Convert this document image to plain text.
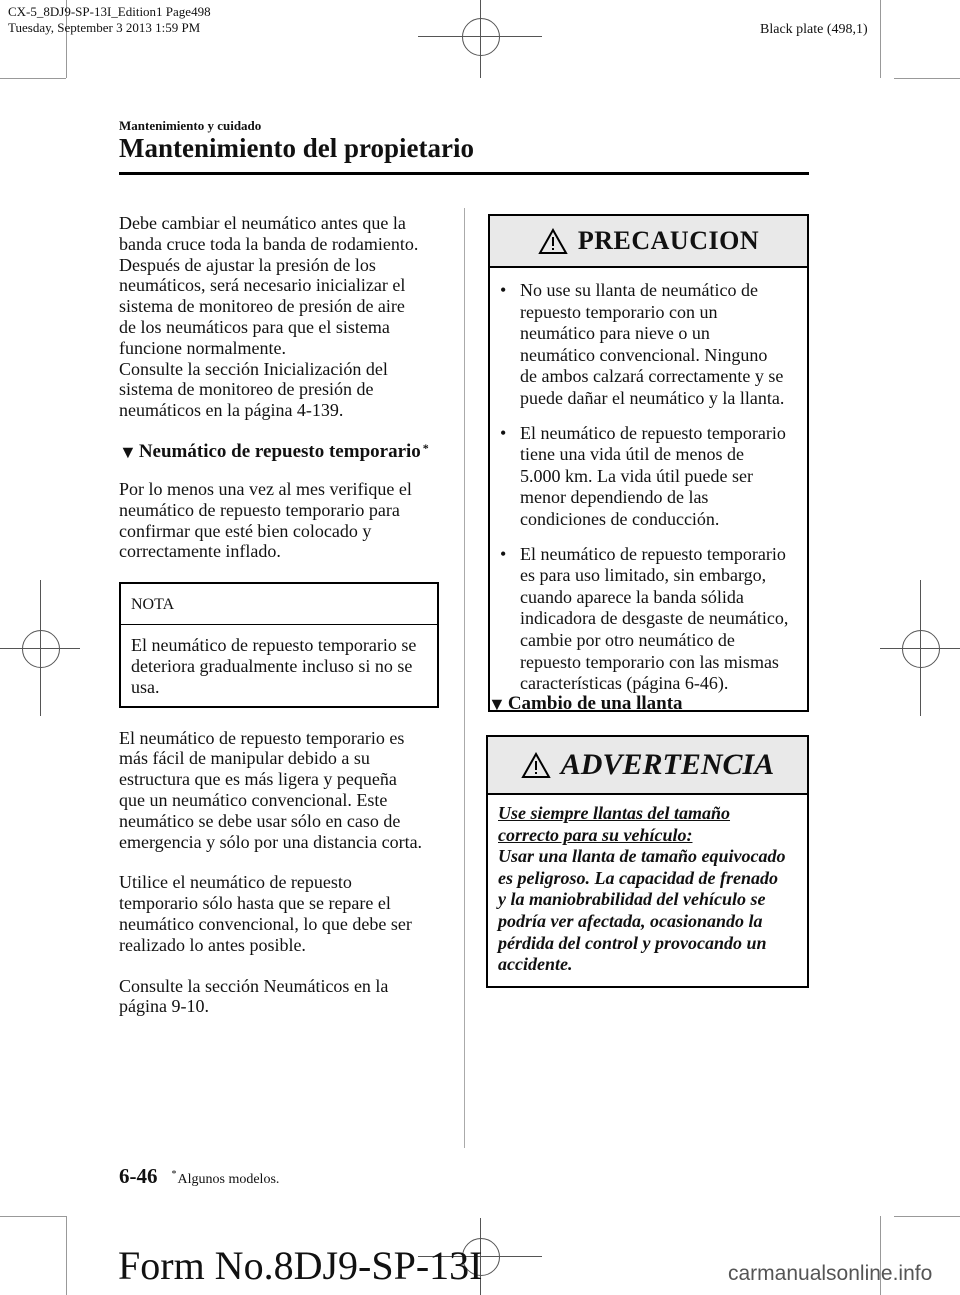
CX-5_8DJ9-SP-13I_Edition1 Page498
Tuesday, September 3 2013 1:59 PM	Black plate (498,1)
Mantenimiento y cuidado
Mantenimiento del propietario

Debe cambiar el neumático antes que la
banda cruce toda la banda de rodamiento.
Después de ajustar la presión de los
neumáticos, será necesario inicializar el
sistema de monitoreo de presión de aire
de los neumáticos para que el sistema
funcione normalmente.
Consulte la sección Inicialización del
sistema de monitoreo de presión de
neumáticos en la página 4-139.

▼ Neumático de repuesto temporario *

Por lo menos una vez al mes verifique el
neumático de repuesto temporario para
confirmar que esté bien colocado y
correctamente inflado.

NOTA
El neumático de repuesto temporario se
deteriora gradualmente incluso si no se
usa.

El neumático de repuesto temporario es
más fácil de manipular debido a su
estructura que es más ligera y pequeña
que un neumático convencional. Este
neumático se debe usar sólo en caso de
emergencia y sólo por una distancia corta.

Utilice el neumático de repuesto
temporario sólo hasta que se repare el
neumático convencional, lo que debe ser
realizado lo antes posible.

Consulte la sección Neumáticos en la
página 9-10.

PRECAUCION
• No use su llanta de neumático de
repuesto temporario con un
neumático para nieve o un
neumático convencional. Ninguno
de ambos calzará correctamente y se
puede dañar el neumático y la llanta.
• El neumático de repuesto temporario
tiene una vida útil de menos de
5.000 km. La vida útil puede ser
menor dependiendo de las
condiciones de conducción.
• El neumático de repuesto temporario
es para uso limitado, sin embargo,
cuando aparece la banda sólida
indicadora de desgaste de neumático,
cambie por otro neumático de
repuesto temporario con las mismas
características (página 6-46).
▼ Cambio de una llanta
ADVERTENCIA
Use siempre llantas del tamaño
correcto para su vehículo:
Usar una llanta de tamaño equivocado
es peligroso. La capacidad de frenado
y la maniobrabilidad del vehículo se
podría ver afectada, ocasionando la
pérdida del control y provocando un
accidente.
6-46 * Algunos modelos.
Form No.8DJ9-SP-13I	carmanualsonline.info
